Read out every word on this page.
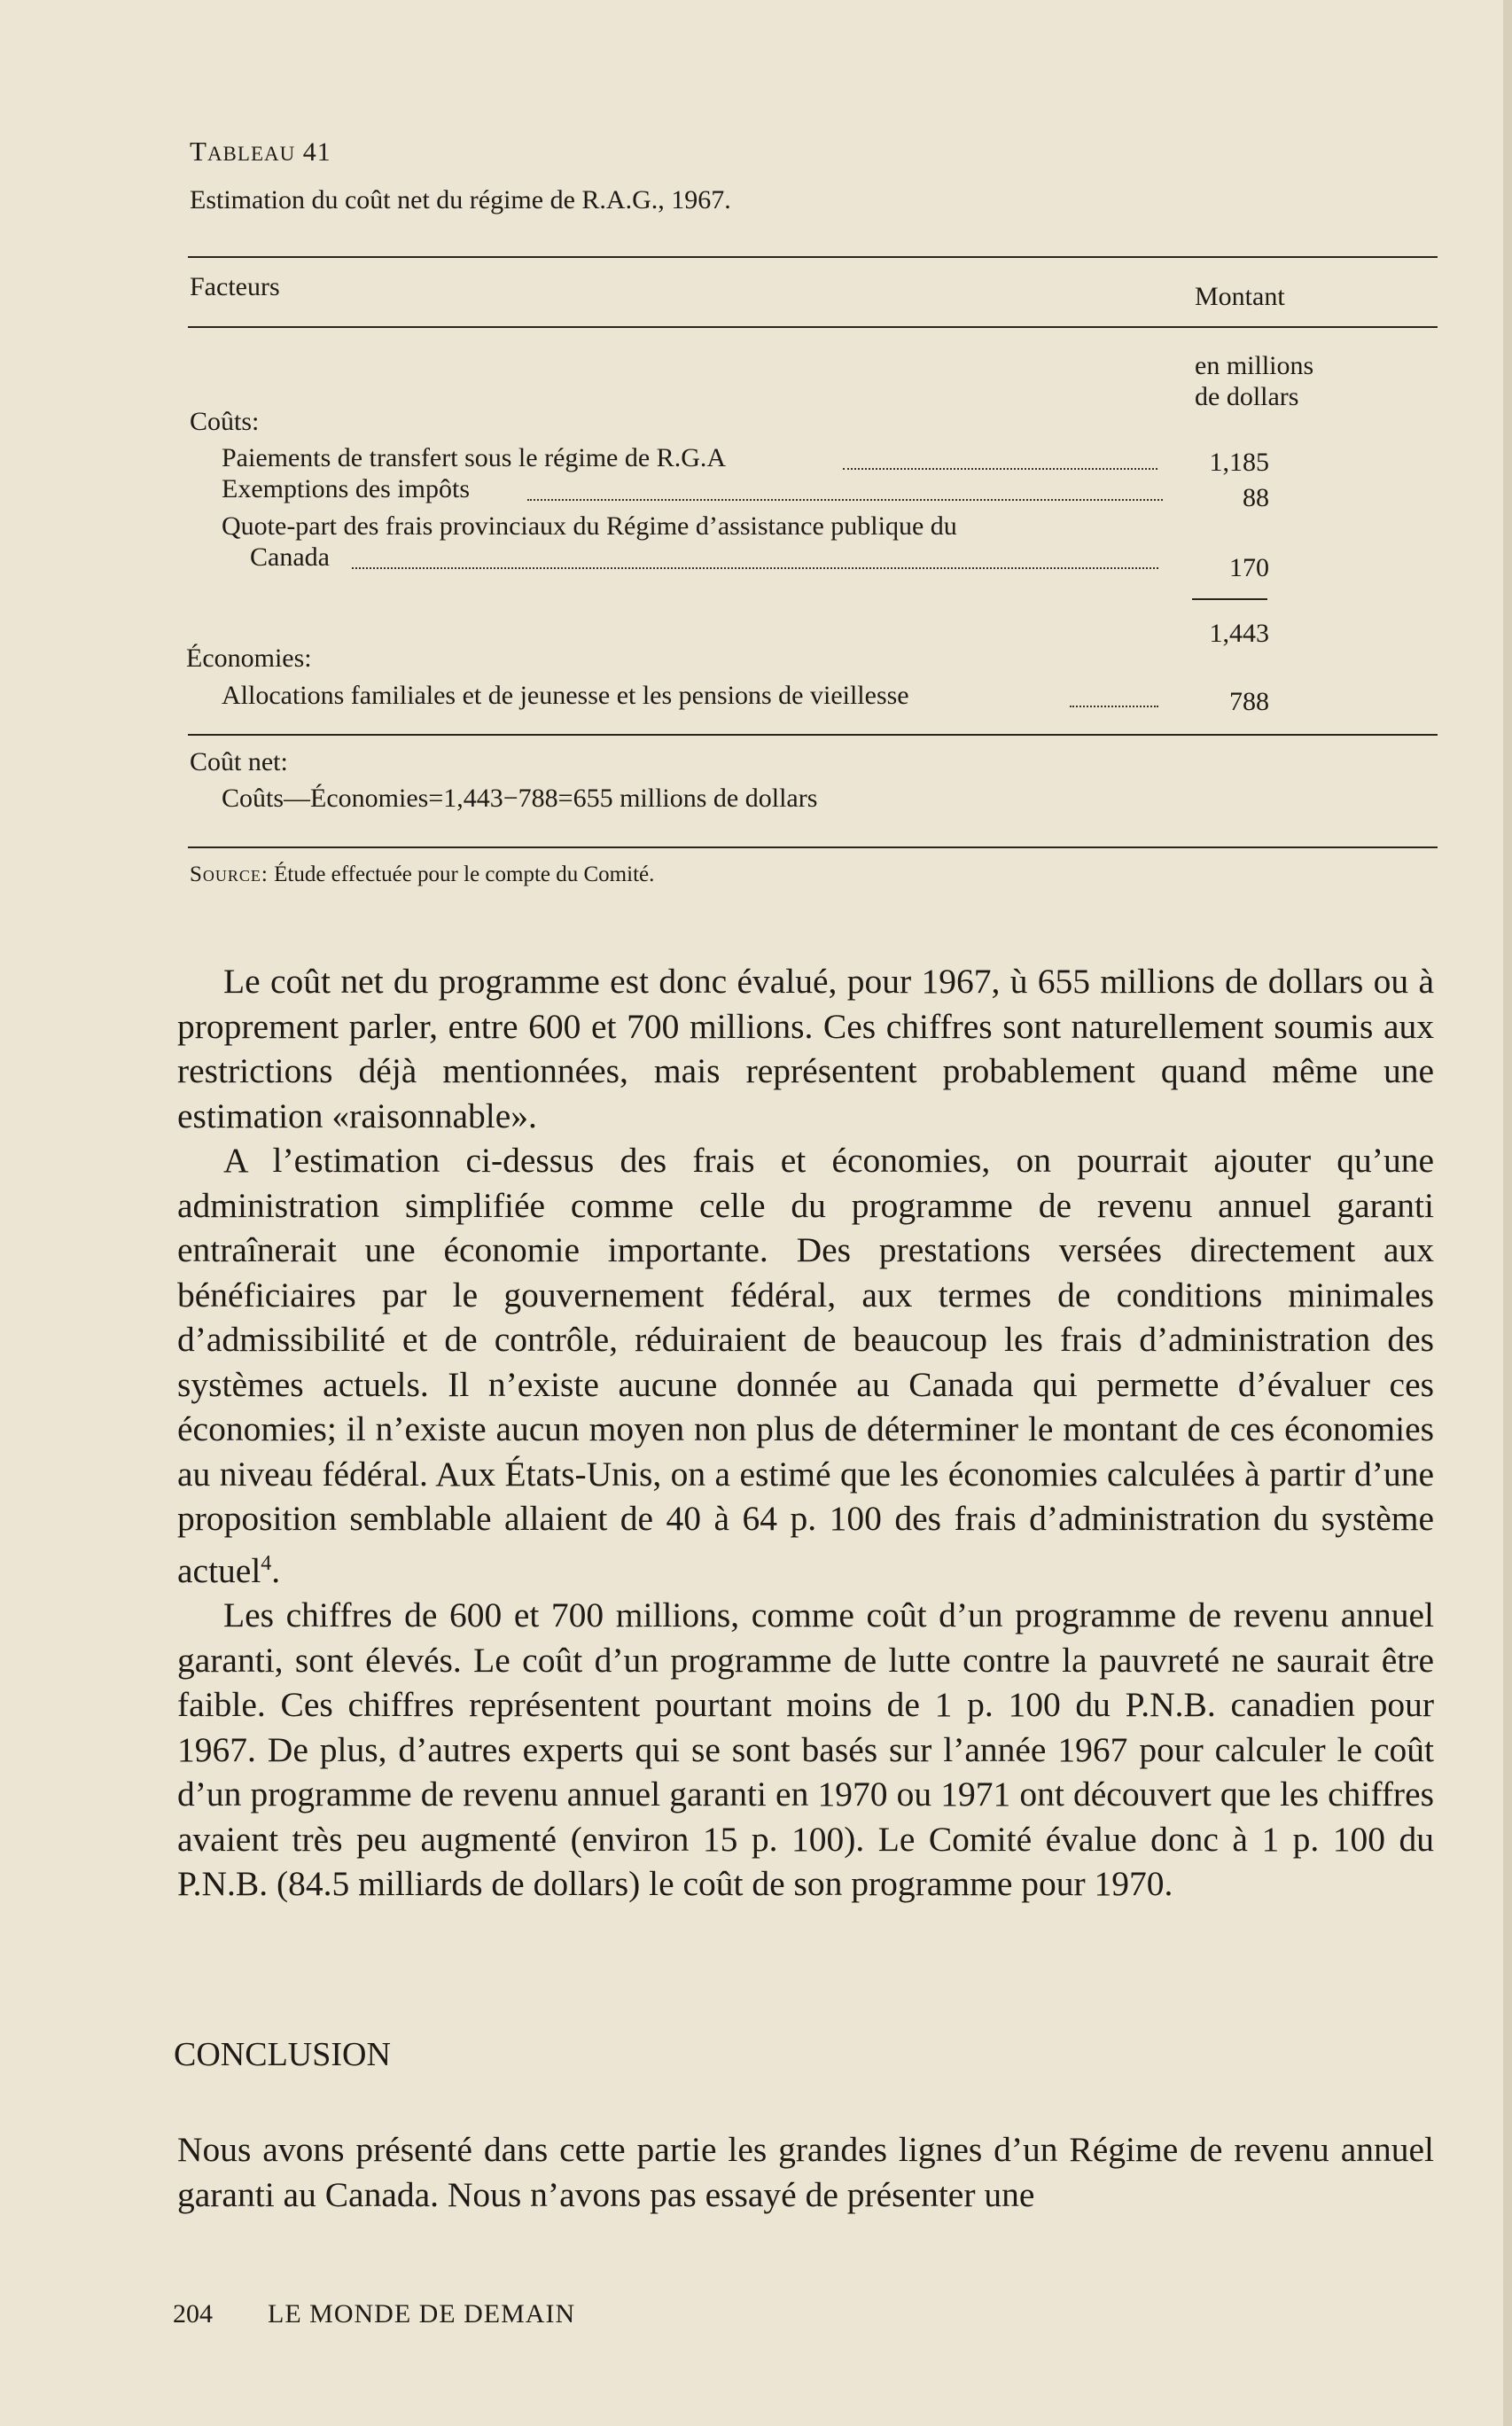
TABLEAU 41
Estimation du coût net du régime de R.A.G., 1967.
Facteurs	Montant
en millions
de dollars
Coûts:
Paiements de transfert sous le régime de R.G.A	1,185
Exemptions des impôts	88
Quote-part des frais provinciaux du Régime d’assistance publique du
Canada	170
1,443
Économies:
Allocations familiales et de jeunesse et les pensions de vieillesse	788
Coût net:
Coûts—Économies=1,443−788=655 millions de dollars
Source: Étude effectuée pour le compte du Comité.

Le coût net du programme est donc évalué, pour 1967, ù 655 millions de dollars ou à proprement parler, entre 600 et 700 millions. Ces chiffres sont naturellement soumis aux restrictions déjà mentionnées, mais représentent probablement quand même une estimation «raisonnable».

A l’estimation ci-dessus des frais et économies, on pourrait ajouter qu’une administration simplifiée comme celle du programme de revenu annuel garanti entraînerait une économie importante. Des prestations versées directement aux bénéficiaires par le gouvernement fédéral, aux termes de conditions minimales d’admissibilité et de contrôle, réduiraient de beaucoup les frais d’administration des systèmes actuels. Il n’existe aucune donnée au Canada qui permette d’évaluer ces économies; il n’existe aucun moyen non plus de déterminer le montant de ces économies au niveau fédéral. Aux États-Unis, on a estimé que les économies calculées à partir d’une proposition semblable allaient de 40 à 64 p. 100 des frais d’administration du système actuel$^4$.

Les chiffres de 600 et 700 millions, comme coût d’un programme de revenu annuel garanti, sont élevés. Le coût d’un programme de lutte contre la pauvreté ne saurait être faible. Ces chiffres représentent pourtant moins de 1 p. 100 du P.N.B. canadien pour 1967. De plus, d’autres experts qui se sont basés sur l’année 1967 pour calculer le coût d’un programme de revenu annuel garanti en 1970 ou 1971 ont découvert que les chiffres avaient très peu augmenté (environ 15 p. 100). Le Comité évalue donc à 1 p. 100 du P.N.B. (84.5 milliards de dollars) le coût de son programme pour 1970.

CONCLUSION

Nous avons présenté dans cette partie les grandes lignes d’un Régime de revenu annuel garanti au Canada. Nous n’avons pas essayé de présenter une

204 LE MONDE DE DEMAIN
